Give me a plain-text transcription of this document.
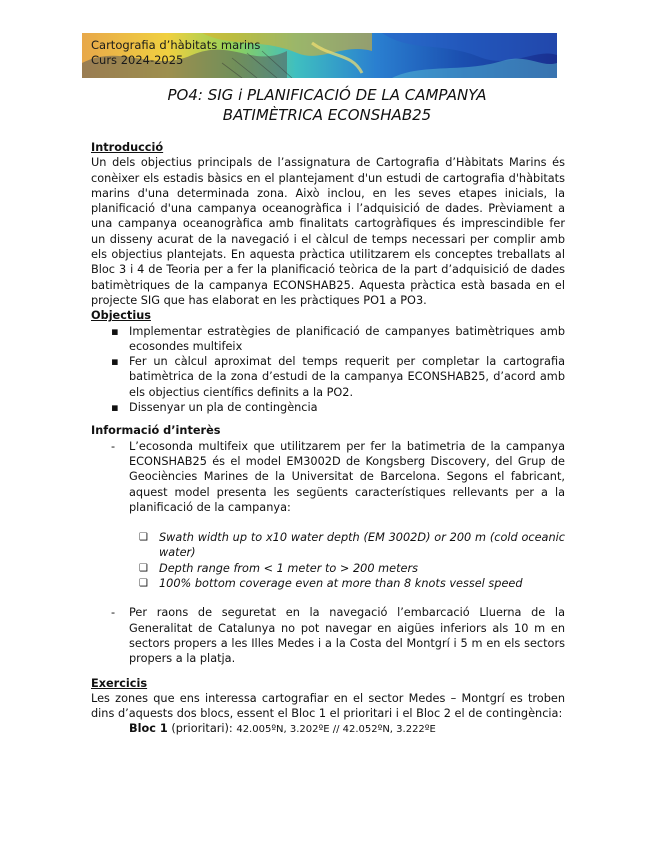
Cartografia d’hàbitats marins
Curs 2024-2025
PO4: SIG i PLANIFICACIÓ DE LA CAMPANYA
BATIMÈTRICA ECONSHAB25

Introducció

Un dels objectius principals de l’assignatura de Cartografia d’Hàbitats Marins és conèixer els estadis bàsics en el plantejament d'un estudi de cartografia d'hàbitats marins d'una determinada zona. Això inclou, en les seves etapes inicials, la planificació d'una campanya oceanogràfica i l’adquisició de dades. Prèviament a una campanya oceanogràfica amb finalitats cartogràfiques és imprescindible fer un disseny acurat de la navegació i el càlcul de temps necessari per complir amb els objectius plantejats. En aquesta pràctica utilitzarem els conceptes treballats al Bloc 3 i 4 de Teoria per a fer la planificació teòrica de la part d’adquisició de dades batimètriques de la campanya ECONSHAB25. Aquesta pràctica està basada en el projecte SIG que has elaborat en les pràctiques PO1 a PO3.

Objectius

▪ Implementar estratègies de planificació de campanyes batimètriques amb ecosondes multifeix
▪ Fer un càlcul aproximat del temps requerit per completar la cartografia batimètrica de la zona d’estudi de la campanya ECONSHAB25, d’acord amb els objectius científics definits a la PO2.
▪ Dissenyar un pla de contingència

Informació d’interès

- L’ecosonda multifeix que utilitzarem per fer la batimetria de la campanya ECONSHAB25 és el model EM3002D de Kongsberg Discovery, del Grup de Geociències Marines de la Universitat de Barcelona. Segons el fabricant, aquest model presenta les següents característiques rellevants per a la planificació de la campanya:
❑ Swath width up to x10 water depth (EM 3002D) or 200 m (cold oceanic water)
❑ Depth range from < 1 meter to > 200 meters
❑ 100% bottom coverage even at more than 8 knots vessel speed
- Per raons de seguretat en la navegació l’embarcació Lluerna de la Generalitat de Catalunya no pot navegar en aigües inferiors als 10 m en sectors propers a les Illes Medes i a la Costa del Montgrí i 5 m en els sectors propers a la platja.

Exercicis

Les zones que ens interessa cartografiar en el sector Medes – Montgrí es troben dins d’aquests dos blocs, essent el Bloc 1 el prioritari i el Bloc 2 el de contingència:

Bloc 1 (prioritari): 42.005ºN, 3.202ºE // 42.052ºN, 3.222ºE
